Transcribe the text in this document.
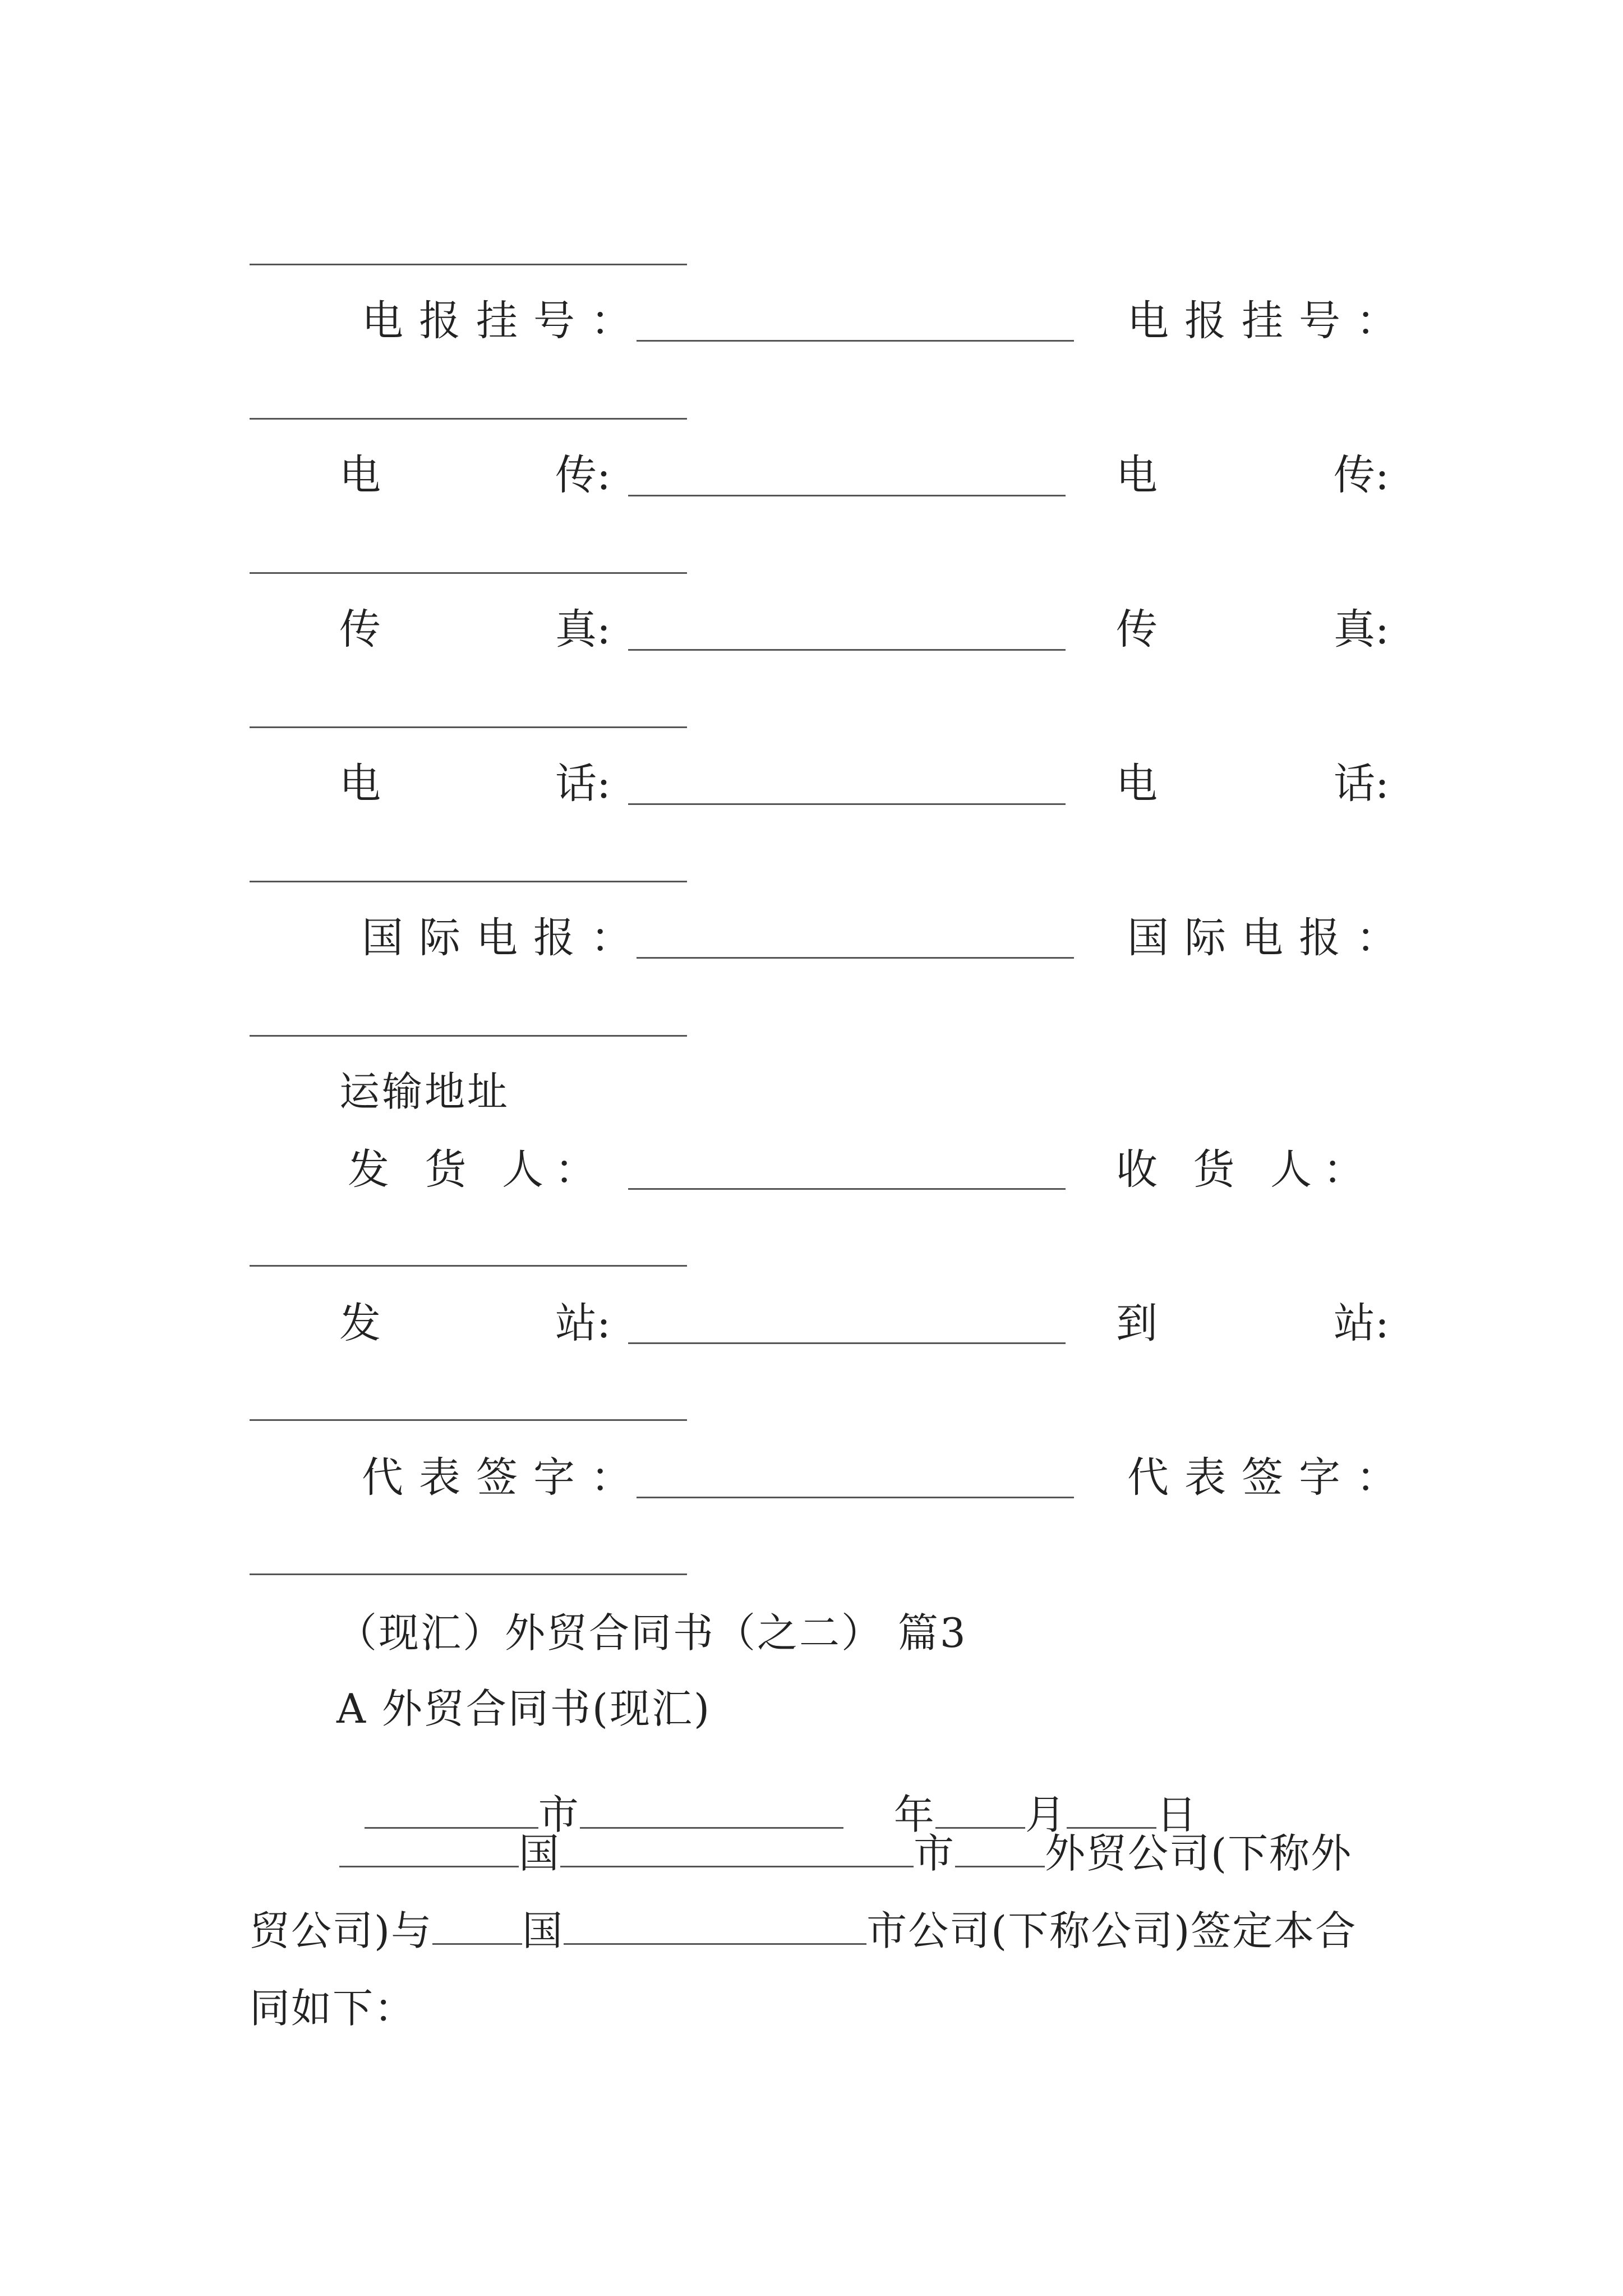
电报挂号：	电报挂号：
电	传:	电	传:
传	真:	传	真:
电	话:	电	话:
国际电报：	国际电报：
运输地址
发 货 人：	收 货 人：
发	站:	到	站:
代表签字：	代表签字：
（现汇）外贸合同书（之二） 篇3
A 外贸合同书(现汇)

市	年 月 日

国	市 外贸公司(下称外贸公司)与 国	市公司(下称公司)签定本合同如下：
